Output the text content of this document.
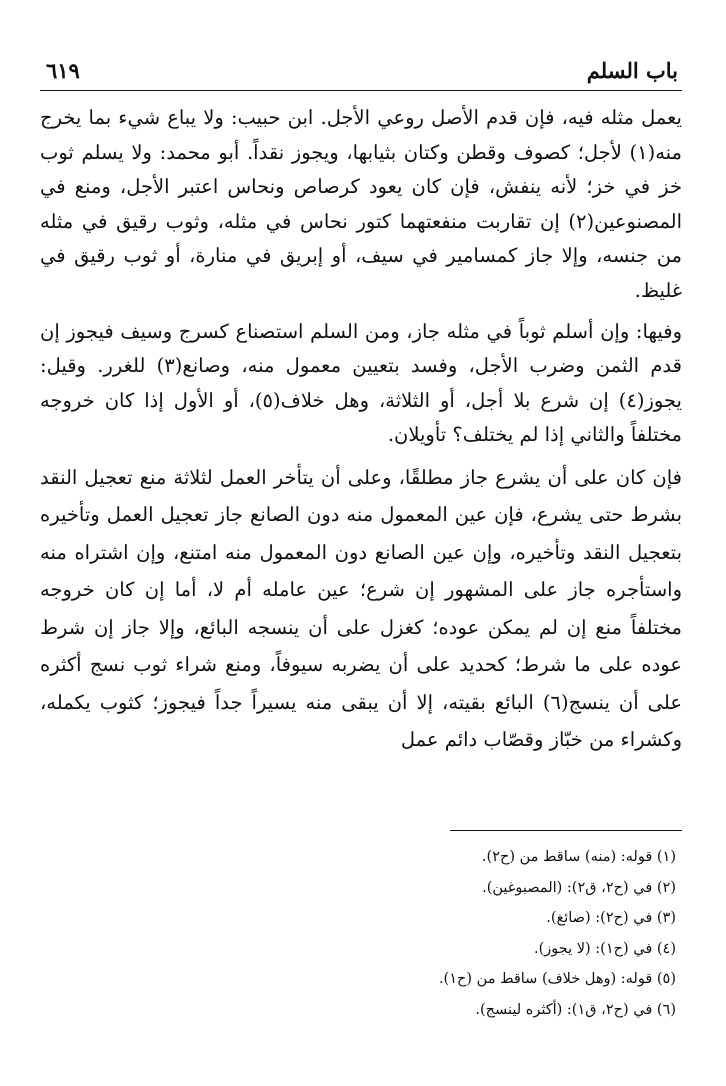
باب السلم
٦١٩

يعمل مثله فيه، فإن قدم الأصل روعي الأجل. ابن حبيب: ولا يباع شيء بما يخرج منه(١) لأجل؛ كصوف وقطن وكتان بثيابها، ويجوز نقداً. أبو محمد: ولا يسلم ثوب خز في خز؛ لأنه ينفش، فإن كان يعود كرصاص ونحاس اعتبر الأجل، ومنع في المصنوعين(٢) إن تقاربت منفعتهما كتور نحاس في مثله، وثوب رقيق في مثله من جنسه، وإلا جاز كمسامير في سيف، أو إبريق في منارة، أو ثوب رقيق في غليظ.

وفيها: وإن أسلم ثوباً في مثله جاز، ومن السلم استصناع كسرج وسيف فيجوز إن قدم الثمن وضرب الأجل، وفسد بتعيين معمول منه، وصانع(٣) للغرر. وقيل: يجوز(٤) إن شرع بلا أجل، أو الثلاثة، وهل خلاف(٥)، أو الأول إذا كان خروجه مختلفاً والثاني إذا لم يختلف؟ تأويلان.

فإن كان على أن يشرع جاز مطلقًا، وعلى أن يتأخر العمل لثلاثة منع تعجيل النقد بشرط حتى يشرع، فإن عين المعمول منه دون الصانع جاز تعجيل العمل وتأخيره بتعجيل النقد وتأخيره، وإن عين الصانع دون المعمول منه امتنع، وإن اشتراه منه واستأجره جاز على المشهور إن شرع؛ عين عامله أم لا، أما إن كان خروجه مختلفاً منع إن لم يمكن عوده؛ كغزل على أن ينسجه البائع، وإلا جاز إن شرط عوده على ما شرط؛ كحديد على أن يضربه سيوفاً، ومنع شراء ثوب نسج أكثره على أن ينسج(٦) البائع بقيته، إلا أن يبقى منه يسيراً جداً فيجوز؛ كثوب يكمله، وكشراء من خبّاز وقصّاب دائم عمل

(١) قوله: (منه) ساقط من (ح٢).
(٢) في (ح٢، ق٢): (المصبوغين).
(٣) في (ح٢): (صائغ).
(٤) في (ح١): (لا يجوز).
(٥) قوله: (وهل خلاف) ساقط من (ح١).
(٦) في (ح٢، ق١): (أكثره لينسج).
